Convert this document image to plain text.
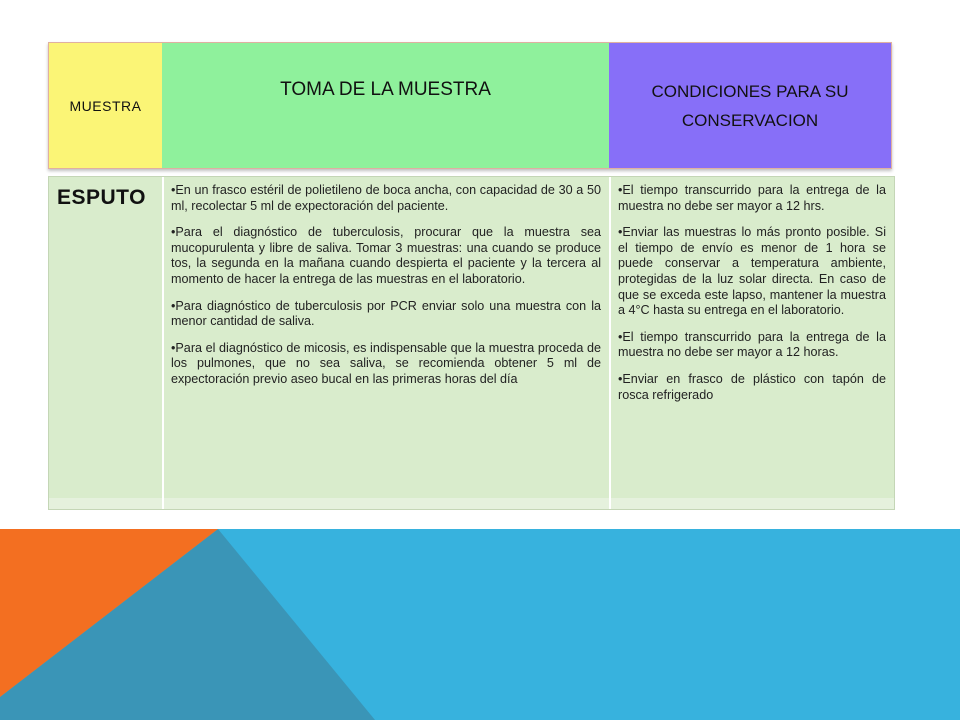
MUESTRA
TOMA DE LA MUESTRA	CONDICIONES PARA SU
CONSERVACION
ESPUTO	•En un frasco estéril de polietileno de boca ancha, con capacidad de 30 a 50 ml, recolectar 5 ml de expectoración del paciente.
•Para el diagnóstico de tuberculosis, procurar que la muestra sea mucopurulenta y libre de saliva. Tomar 3 muestras: una cuando se produce tos, la segunda en la mañana cuando despierta el paciente y la tercera al momento de hacer la entrega de las muestras en el laboratorio.
•Para diagnóstico de tuberculosis por PCR enviar solo una muestra con la menor cantidad de saliva.
•Para el diagnóstico de micosis, es indispensable que la muestra proceda de los pulmones, que no sea saliva, se recomienda obtener 5 ml de expectoración previo aseo bucal en las primeras horas del día
•El tiempo transcurrido para la entrega de la muestra no debe ser mayor a 12 hrs.
•Enviar las muestras lo más pronto posible. Si el tiempo de envío es menor de 1 hora se puede conservar a temperatura ambiente, protegidas de la luz solar directa. En caso de que se exceda este lapso, mantener la muestra a 4°C hasta su entrega en el laboratorio.
•El tiempo transcurrido para la entrega de la muestra no debe ser mayor a 12 horas.
•Enviar en frasco de plástico con tapón de rosca refrigerado
